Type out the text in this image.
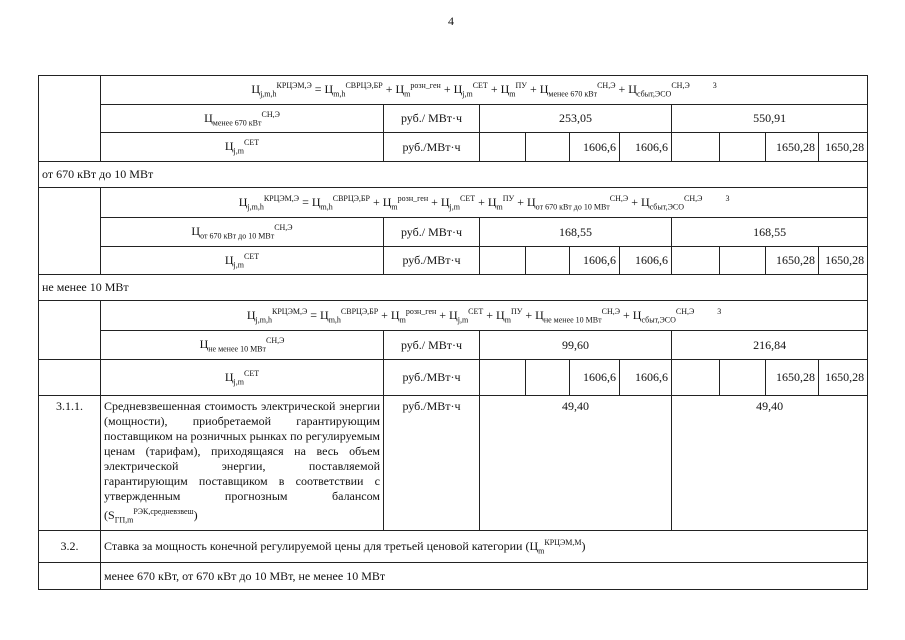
4
	$Ц_{j,m,h}^{КРЦЭМ,Э} = Ц_{m,h}^{СВРЦЭ,БР} + Ц_m^{розн\_ген} + Ц_{j,m}^{СЕТ} + Ц_m^{ПУ} + Ц_{менее 670 кВт}^{СН,Э} + Ц_{сбыт,ЭСО}^{СН,Э}$ $^3$
	$Ц_{менее 670 кВт}^{СН,Э}$	руб./ МВт·ч	253,05				550,91			
	$Ц_{j,m}^{СЕТ}$	руб./МВт·ч			1606,6	1606,6			1650,28	1650,28
от 670 кВт до 10 МВт										
	$Ц_{j,m,h}^{КРЦЭМ,Э} = Ц_{m,h}^{СВРЦЭ,БР} + Ц_m^{розн\_ген} + Ц_{j,m}^{СЕТ} + Ц_m^{ПУ} + Ц_{от 670 кВт до 10 МВт}^{СН,Э} + Ц_{сбыт,ЭСО}^{СН,Э}$ $^3$
	$Ц_{от 670 кВт до 10 МВт}^{СН,Э}$	руб./ МВт·ч	168,55				168,55			
	$Ц_{j,m}^{СЕТ}$	руб./МВт·ч			1606,6	1606,6			1650,28	1650,28
не менее 10 МВт										
	$Ц_{j,m,h}^{КРЦЭМ,Э} = Ц_{m,h}^{СВРЦЭ,БР} + Ц_m^{розн\_ген} + Ц_{j,m}^{СЕТ} + Ц_m^{ПУ} + Ц_{не менее 10 МВт}^{СН,Э} + Ц_{сбыт,ЭСО}^{СН,Э}$ $^3$
	$Ц_{не менее 10 МВт}^{СН,Э}$	руб./ МВт·ч	99,60				216,84			
	$Ц_{j,m}^{СЕТ}$	руб./МВт·ч			1606,6	1606,6			1650,28	1650,28
3.1.1.	Средневзвешенная стоимость электрической энергии (мощности), приобретаемой гарантирующим поставщиком на розничных рынках по регулируемым ценам (тарифам), приходящаяся на весь объем электрической энергии, поставляемой гарантирующим поставщиком в соответствии с утвержденным прогнозным балансом $(S_{ГП,m}^{РЭК,средневзвеш})$	руб./МВт·ч	49,40				49,40			
3.2.	Ставка за мощность конечной регулируемой цены для третьей ценовой категории $(Ц_m^{КРЦЭМ,М})$									
	менее 670 кВт, от 670 кВт до 10 МВт, не менее 10 МВт									
